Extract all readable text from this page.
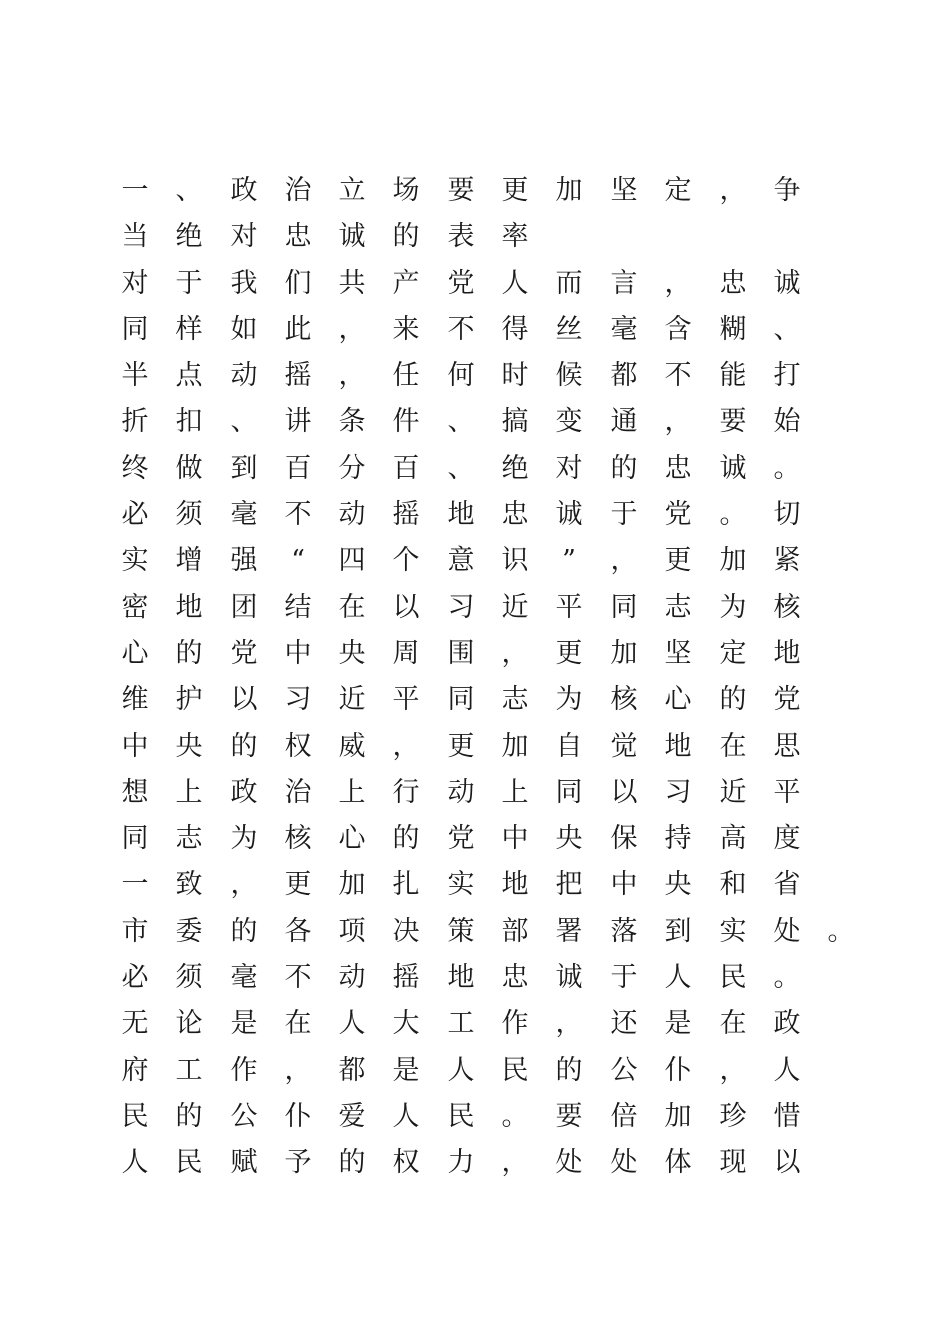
一 、 政 治 立 场 要 更 加 坚 定 ， 争
当 绝 对 忠 诚 的 表 率
对 于 我 们 共 产 党 人 而 言 ， 忠 诚
同 样 如 此 ， 来 不 得 丝 毫 含 糊 、
半 点 动 摇 ， 任 何 时 候 都 不 能 打
折 扣 、 讲 条 件 、 搞 变 通 ， 要 始
终 做 到 百 分 百 、 绝 对 的 忠 诚 。
必 须 毫 不 动 摇 地 忠 诚 于 党 。 切
实 增 强	“	四 个 意 识	”	， 更 加 紧
密 地 团 结 在 以 习 近 平 同 志 为 核
心 的 党 中 央 周 围 ， 更 加 坚 定 地
维 护 以 习 近 平 同 志 为 核 心 的 党
中 央 的 权 威 ， 更 加 自 觉 地 在 思
想 上 政 治 上 行 动 上 同 以 习 近 平
同 志 为 核 心 的 党 中 央 保 持 高 度
一 致 ， 更 加 扎 实 地 把 中 央 和 省
市 委 的 各 项 决 策 部 署 落 到 实 处 。
必 须 毫 不 动 摇 地 忠 诚 于 人 民 。
无 论 是 在 人 大 工 作 ， 还 是 在 政
府 工 作 ， 都 是 人 民 的 公 仆 ， 人
民 的 公 仆 爱 人 民 。 要 倍 加 珍 惜
人 民 赋 予 的 权 力 ， 处 处 体 现 以
